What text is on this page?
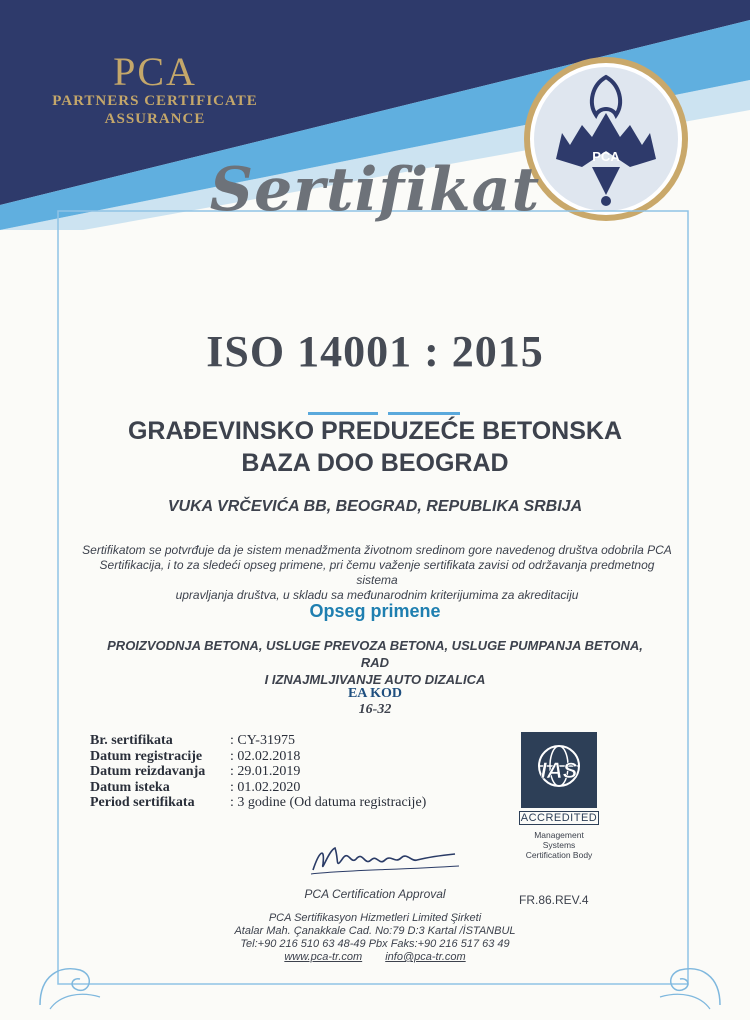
PCA
PARTNERS CERTIFICATE
ASSURANCE
PCA
Sertifikat
ISO 14001 : 2015
GRAĐEVINSKO PREDUZEĆE BETONSKA
BAZA DOO BEOGRAD
VUKA VRČEVIĆA BB, BEOGRAD, REPUBLIKA SRBIJA
Sertifikatom se potvrđuje da je sistem menadžmenta životnom sredinom gore navedenog društva odobrila PCA
Sertifikacija, i to za sledeći opseg primene, pri čemu važenje sertifikata zavisi od održavanja predmetnog sistema
upravljanja društva, u skladu sa međunarodnim kriterijumima za akreditaciju
Opseg primene
PROIZVODNJA BETONA, USLUGE PREVOZA BETONA, USLUGE PUMPANJA BETONA, RAD
I IZNAJMLJIVANJE AUTO DIZALICA
EA KOD
16-32
Br. sertifikata	: CY-31975
Datum registracije	: 02.02.2018
Datum reizdavanja	: 29.01.2019
Datum isteka	: 01.02.2020
Period sertifikata	: 3 godine (Od datuma registracije)
IAS
ACCREDITED
Management
Systems
Certification Body
PCA Certification Approval	FR.86.REV.4
PCA Sertifikasyon Hizmetleri Limited Şirketi
Atalar Mah. Çanakkale Cad. No:79 D:3 Kartal /İSTANBUL
Tel:+90 216 510 63 48-49 Pbx Faks:+90 216 517 63 49
www.pca-tr.com info@pca-tr.com
